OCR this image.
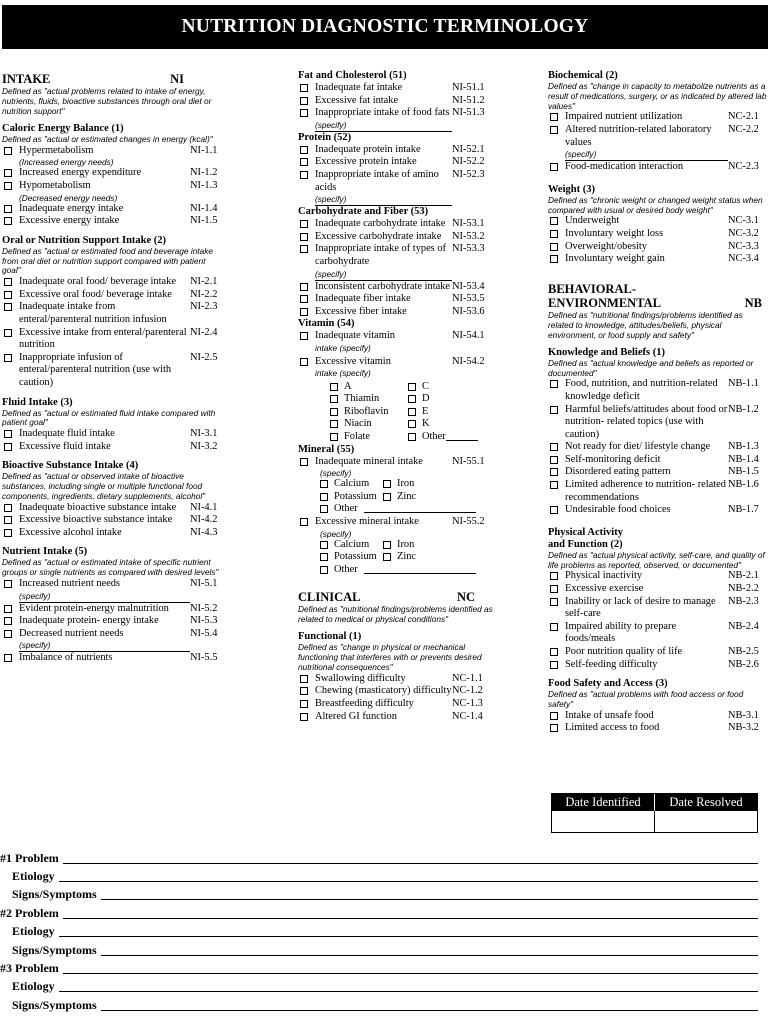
NUTRITION DIAGNOSTIC TERMINOLOGY
INTAKE	NI
Defined as "actual problems related to intake of energy, nutrients, fluids, bioactive substances through oral diet or nutrition support"
Caloric Energy Balance (1)
Defined as "actual or estimated changes in energy (kcal)"
Hypermetabolism
(Increased energy needs)
NI-1.1
Increased energy expenditure	NI-1.2
Hypometabolism
(Decreased energy needs)
NI-1.3
Inadequate energy intake	NI-1.4
Excessive energy intake	NI-1.5
Oral or Nutrition Support Intake (2)
Defined as "actual or estimated food and beverage intake from oral diet or nutrition support compared with patient goal"
Inadequate oral food/ beverage intake	NI-2.1
Excessive oral food/ beverage intake	NI-2.2
Inadequate intake from enteral/parenteral nutrition infusion
NI-2.3
Excessive intake from enteral/parenteral nutrition
NI-2.4
Inappropriate infusion of enteral/parenteral nutrition (use with caution)
NI-2.5
Fluid Intake (3)
Defined as "actual or estimated fluid intake compared with patient goal"
Inadequate fluid intake	NI-3.1
Excessive fluid intake	NI-3.2
Bioactive Substance Intake (4)
Defined as "actual or observed intake of bioactive substances, including single or multiple functional food components, ingredients, dietary supplements, alcohol"
Inadequate bioactive substance intake	NI-4.1
Excessive bioactive substance intake	NI-4.2
Excessive alcohol intake	NI-4.3
Nutrient Intake (5)
Defined as "actual or estimated intake of specific nutrient groups or single nutrients as compared with desired levels"
Increased nutrient needs
(specify)
NI-5.1
Evident protein-energy malnutrition	NI-5.2
Inadequate protein- energy intake	NI-5.3
Decreased nutrient needs
(specify)
NI-5.4
Imbalance of nutrients	NI-5.5
Fat and Cholesterol (51)
Inadequate fat intake	NI-51.1
Excessive fat intake	NI-51.2
Inappropriate intake of food fats
(specify)
NI-51.3
Protein (52)
Inadequate protein intake	NI-52.1
Excessive protein intake	NI-52.2
Inappropriate intake of amino acids
(specify)
NI-52.3
Carbohydrate and Fiber (53)
Inadequate carbohydrate intake NI-53.1
Excessive carbohydrate intake	NI-53.2
Inappropriate intake of types of carbohydrate
(specify)
NI-53.3
Inconsistent carbohydrate intake NI-53.4
Inadequate fiber intake	NI-53.5
Excessive fiber intake	NI-53.6
Vitamin (54)
Inadequate vitamin
intake (specify)
NI-54.1
Excessive vitamin
intake (specify)
NI-54.2
A	C
Thiamin	D
Riboflavin	E
Niacin	K
Folate	Other
Mineral (55)
Inadequate mineral intake	NI-55.1
(specify)
Calcium	Iron
Potassium Zinc
Other
Excessive mineral intake	NI-55.2
(specify)
Calcium	Iron
Potassium Zinc
Other
CLINICAL	NC
Defined as "nutritional findings/problems identified as related to medical or physical conditions"
Functional (1)
Defined as "change in physical or mechanical functioning that interferes with or prevents desired nutritional consequences"
Swallowing difficulty	NC-1.1
Chewing (masticatory) difficulty NC-1.2
Breastfeeding difficulty	NC-1.3
Altered GI function	NC-1.4
Biochemical (2)
Defined as "change in capacity to metabolize nutrients as a result of medications, surgery, or as indicated by altered lab values"
Impaired nutrient utilization	NC-2.1
Altered nutrition-related laboratory values
(specify)
NC-2.2
Food-medication interaction	NC-2.3
Weight (3)
Defined as "chronic weight or changed weight status when compared with usual or desired body weight"
Underweight	NC-3.1
Involuntary weight loss	NC-3.2
Overweight/obesity	NC-3.3
Involuntary weight gain	NC-3.4
BEHAVIORAL-
ENVIRONMENTAL	NB
Defined as "nutritional findings/problems identified as related to knowledge, attitudes/beliefs, physical environment, or food supply and safety"
Knowledge and Beliefs (1)
Defined as "actual knowledge and beliefs as reported or documented"
Food, nutrition, and nutrition-related knowledge deficit
NB-1.1
Harmful beliefs/attitudes about food or nutrition- related topics (use with caution)
NB-1.2
Not ready for diet/ lifestyle change	NB-1.3
Self-monitoring deficit	NB-1.4
Disordered eating pattern	NB-1.5
Limited adherence to nutrition- related recommendations
NB-1.6
Undesirable food choices	NB-1.7
Physical Activity
and Function (2)
Defined as "actual physical activity, self-care, and quality of life problems as reported, observed, or documented"
Physical inactivity	NB-2.1
Excessive exercise	NB-2.2
Inability or lack of desire to manage self-care
NB-2.3
Impaired ability to prepare foods/meals
NB-2.4
Poor nutrition quality of life	NB-2.5
Self-feeding difficulty	NB-2.6
Food Safety and Access (3)
Defined as "actual problems with food access or food safety"
Intake of unsafe food	NB-3.1
Limited access to food	NB-3.2
Date Identified	Date Resolved
#1 Problem
Etiology
Signs/Symptoms
#2 Problem
Etiology
Signs/Symptoms
#3 Problem
Etiology
Signs/Symptoms
